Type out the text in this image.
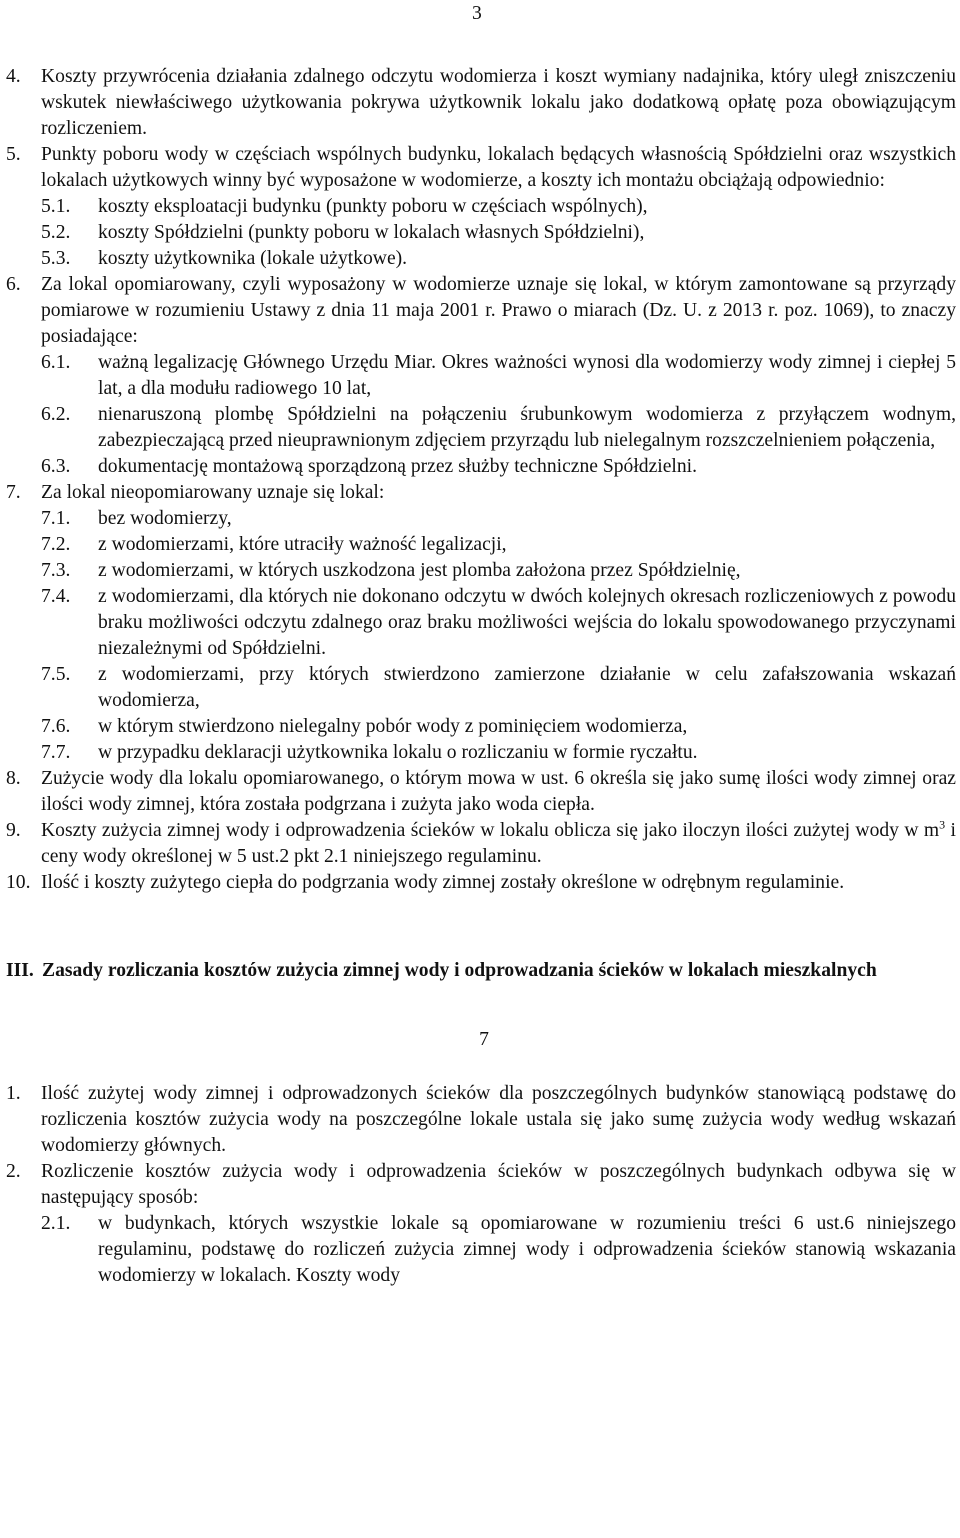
3
4.	Koszty przywrócenia działania zdalnego odczytu wodomierza i koszt wymiany nadajnika, który uległ zniszczeniu wskutek niewłaściwego użytkowania pokrywa użytkownik lokalu jako dodatkową opłatę poza obowiązującym rozliczeniem.
5.	Punkty poboru wody w częściach wspólnych budynku, lokalach będących własnością Spółdzielni oraz wszystkich lokalach użytkowych winny być wyposażone w wodomierze, a koszty ich montażu obciążają odpowiednio:
5.1.	koszty eksploatacji budynku (punkty poboru w częściach wspólnych),
5.2.	koszty Spółdzielni (punkty poboru w lokalach własnych Spółdzielni),
5.3.	koszty użytkownika (lokale użytkowe).
6.	Za lokal opomiarowany, czyli wyposażony w wodomierze uznaje się lokal, w którym zamontowane są przyrządy pomiarowe w rozumieniu Ustawy z dnia 11 maja 2001 r. Prawo o miarach (Dz. U. z 2013 r. poz. 1069), to znaczy posiadające:
6.1.	ważną legalizację Głównego Urzędu Miar. Okres ważności wynosi dla wodomierzy wody zimnej i ciepłej 5 lat, a dla modułu radiowego 10 lat,
6.2.	nienaruszoną plombę Spółdzielni na połączeniu śrubunkowym wodomierza z przyłączem wodnym, zabezpieczającą przed nieuprawnionym zdjęciem przyrządu lub nielegalnym rozszczelnieniem połączenia,
6.3.	dokumentację montażową sporządzoną przez służby techniczne Spółdzielni.
7.	Za lokal nieopomiarowany uznaje się lokal:
7.1.	bez wodomierzy,
7.2.	z wodomierzami, które utraciły ważność legalizacji,
7.3.	z wodomierzami, w których uszkodzona jest plomba założona przez Spółdzielnię,
7.4.	z wodomierzami, dla których nie dokonano odczytu w dwóch kolejnych okresach rozliczeniowych z powodu braku możliwości odczytu zdalnego oraz braku możliwości wejścia do lokalu spowodowanego przyczynami niezależnymi od Spółdzielni.
7.5.	z wodomierzami, przy których stwierdzono zamierzone działanie w celu zafałszowania wskazań wodomierza,
7.6.	w którym stwierdzono nielegalny pobór wody z pominięciem wodomierza,
7.7.	w przypadku deklaracji użytkownika lokalu o rozliczaniu w formie ryczałtu.
8.	Zużycie wody dla lokalu opomiarowanego, o którym mowa w ust. 6 określa się jako sumę ilości wody zimnej oraz ilości wody zimnej, która została podgrzana i zużyta jako woda ciepła.
9.	Koszty zużycia zimnej wody i odprowadzenia ścieków w lokalu oblicza się jako iloczyn ilości zużytej wody w $m^3$ i ceny wody określonej w 5 ust.2 pkt 2.1 niniejszego regulaminu.
10. Ilość i koszty zużytego ciepła do podgrzania wody zimnej zostały określone w odrębnym regulaminie.
III. Zasady rozliczania kosztów zużycia zimnej wody i odprowadzania ścieków w lokalach mieszkalnych
7
1.	Ilość zużytej wody zimnej i odprowadzonych ścieków dla poszczególnych budynków stanowiącą podstawę do rozliczenia kosztów zużycia wody na poszczególne lokale ustala się jako sumę zużycia wody według wskazań wodomierzy głównych.
2.	Rozliczenie kosztów zużycia wody i odprowadzenia ścieków w poszczególnych budynkach odbywa się w następujący sposób:
2.1.	w budynkach, których wszystkie lokale są opomiarowane w rozumieniu treści 6 ust.6 niniejszego regulaminu, podstawę do rozliczeń zużycia zimnej wody i odprowadzenia ścieków stanowią wskazania wodomierzy w lokalach. Koszty wody
